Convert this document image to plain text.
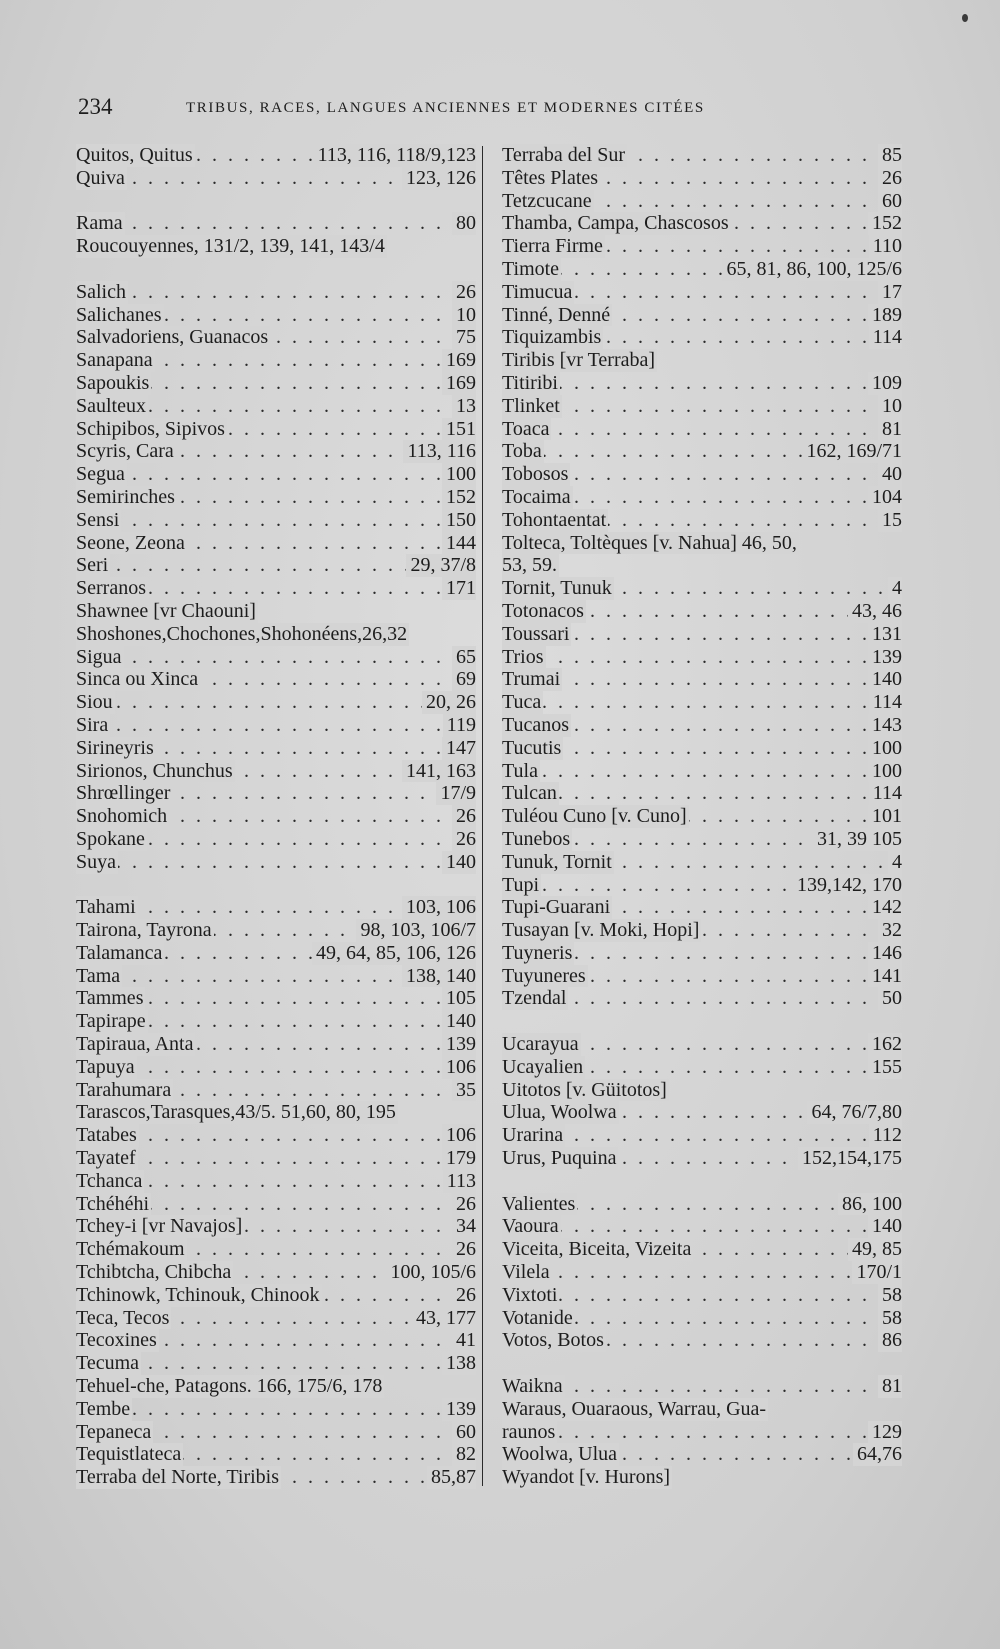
234	TRIBUS, RACES, LANGUES ANCIENNES ET MODERNES CITÉES
. . .
113, 116, 118/9,123
Quitos, Quitus
. . .
123, 126
Quiva
. . .
80
Rama
Roucouyennes, 131/2, 139, 141, 143/4
. . .
26
Salich
. . .
10
Salichanes
. . .
75
Salvadoriens, Guanacos
. . .
169
Sanapana
. . .
169
Sapoukis
. . .
13
Saulteux
. . .
151
Schipibos, Sipivos
. . .
113, 116
Scyris, Cara
. . .
100
Segua
. . .
152
Semirinches
. . .
150
Sensi
. . .
144
Seone, Zeona
. . .
29, 37/8
Seri
. . .
171
Serranos
Shawnee [vr Chaouni]
Shoshones,Chochones,Shohonéens,26,32
. . .
65
Sigua
. . .
69
Sinca ou Xinca
. . .
20, 26
Siou
. . .
119
Sira
. . .
147
Sirineyris
. . .
141, 163
Sirionos, Chunchus
. . .
17/9
Shrœllinger
. . .
26
Snohomich
. . .
26
Spokane
. . .
140
Suya
. . .
103, 106
Tahami
. . .
98, 103, 106/7
Tairona, Tayrona
. . .
49, 64, 85, 106, 126
Talamanca
. . .
138, 140
Tama
. . .
105
Tammes
. . .
140
Tapirape
. . .
139
Tapiraua, Anta
. . .
106
Tapuya
. . .
35
Tarahumara
Tarascos,Tarasques,43/5. 51,60, 80, 195
. . .
106
Tatabes
. . .
179
Tayatef
. . .
113
Tchanca
. . .
26
Tchéhéhi
. . .
34
Tchey-i [vr Navajos]
. . .
26
Tchémakoum
. . .
100, 105/6
Tchibtcha, Chibcha
. . .
26
Tchinowk, Tchinouk, Chinook
. . .
43, 177
Teca, Tecos
. . .
41
Tecoxines
. . .
138
Tecuma
Tehuel-che, Patagons. 166, 175/6, 178
. . .
139
Tembe
. . .
60
Tepaneca
. . .
82
Tequistlateca
. . .
85,87
Terraba del Norte, Tiribis
. . .
85
Terraba del Sur
. . .
26
Têtes Plates
. . .
60
Tetzcucane
. . .
152
Thamba, Campa, Chascosos
. . .
110
Tierra Firme
. . .
65, 81, 86, 100, 125/6
Timote
. . .
17
Timucua
. . .
189
Tinné, Denné
. . .
114
Tiquizambis
Tiribis [vr Terraba]
. . .
109
Titiribi
. . .
10
Tlinket
. . .
81
Toaca
. . .
162, 169/71
Toba
. . .
40
Tobosos
. . .
104
Tocaima
. . .
15
Tohontaentat
Tolteca, Toltèques [v. Nahua] 46, 50,
53, 59.
. . .
4
Tornit, Tunuk
. . .
43, 46
Totonacos
. . .
131
Toussari
. . .
139
Trios
. . .
140
Trumai
. . .
114
Tuca
. . .
143
Tucanos
. . .
100
Tucutis
. . .
100
Tula
. . .
114
Tulcan
. . .
101
Tuléou Cuno [v. Cuno]
. . .
31, 39 105
Tunebos
. . .
4
Tunuk, Tornit
. . .
139,142, 170
Tupi
. . .
142
Tupi-Guarani
. . .
32
Tusayan [v. Moki, Hopi]
. . .
146
Tuyneris
. . .
141
Tuyuneres
. . .
50
Tzendal
. . .
162
Ucarayua
. . .
155
Ucayalien
Uitotos [v. Güitotos]
. . .
64, 76/7,80
Ulua, Woolwa
. . .
112
Urarina
. . .
152,154,175
Urus, Puquina
. . .
86, 100
Valientes
. . .
140
Vaoura
. . .
49, 85
Viceita, Biceita, Vizeita
. . .
170/1
Vilela
. . .
58
Vixtoti
. . .
58
Votanide
. . .
86
Votos, Botos
. . .
81
Waikna
Waraus, Ouaraous, Warrau, Gua-
. . .
129
raunos
. . .
64,76
Woolwa, Ulua
Wyandot [v. Hurons]
